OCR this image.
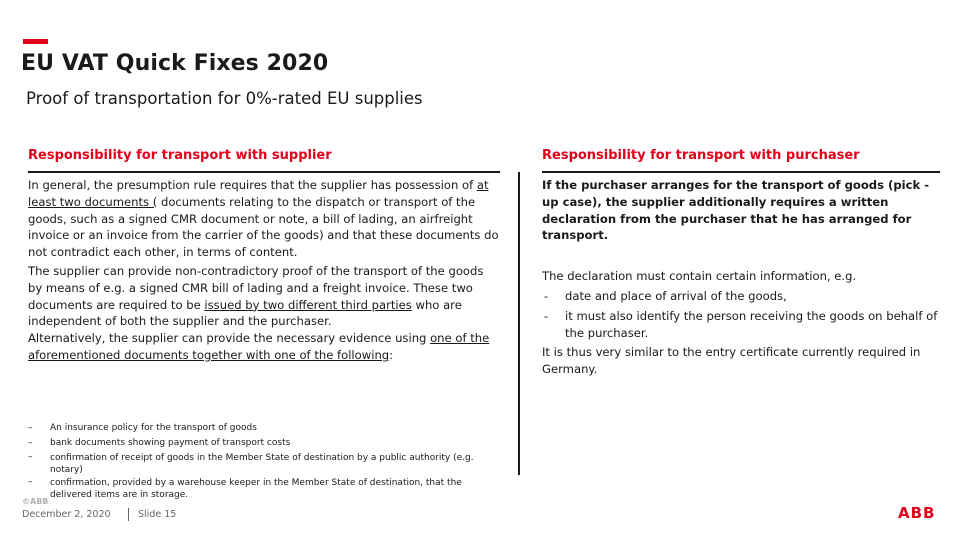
EU VAT Quick Fixes 2020
Proof of transportation for 0%-rated EU supplies
Responsibility for transport with supplier	Responsibility for transport with purchaser

In general, the presumption rule requires that the supplier has possession of at least two documents ( documents relating to the dispatch or transport of the goods, such as a signed CMR document or note, a bill of lading, an airfreight invoice or an invoice from the carrier of the goods) and that these documents do not contradict each other, in terms of content.

The supplier can provide non-contradictory proof of the transport of the goods by means of e.g. a signed CMR bill of lading and a freight invoice. These two documents are required to be issued by two different third parties who are independent of both the supplier and the purchaser.

Alternatively, the supplier can provide the necessary evidence using one of the aforementioned documents together with one of the following:

– An insurance policy for the transport of goods
– bank documents showing payment of transport costs
– confirmation of receipt of goods in the Member State of destination by a public authority (e.g. notary)
– confirmation, provided by a warehouse keeper in the Member State of destination, that the delivered items are in storage.

If the purchaser arranges for the transport of goods (pick -up case), the supplier additionally requires a written declaration from the purchaser that he has arranged for transport.

The declaration must contain certain information, e.g.

- date and place of arrival of the goods,
- it must also identify the person receiving the goods on behalf of the purchaser.

It is thus very similar to the entry certificate currently required in Germany.

©ABB
December 2, 2020	Slide 15	ABB
